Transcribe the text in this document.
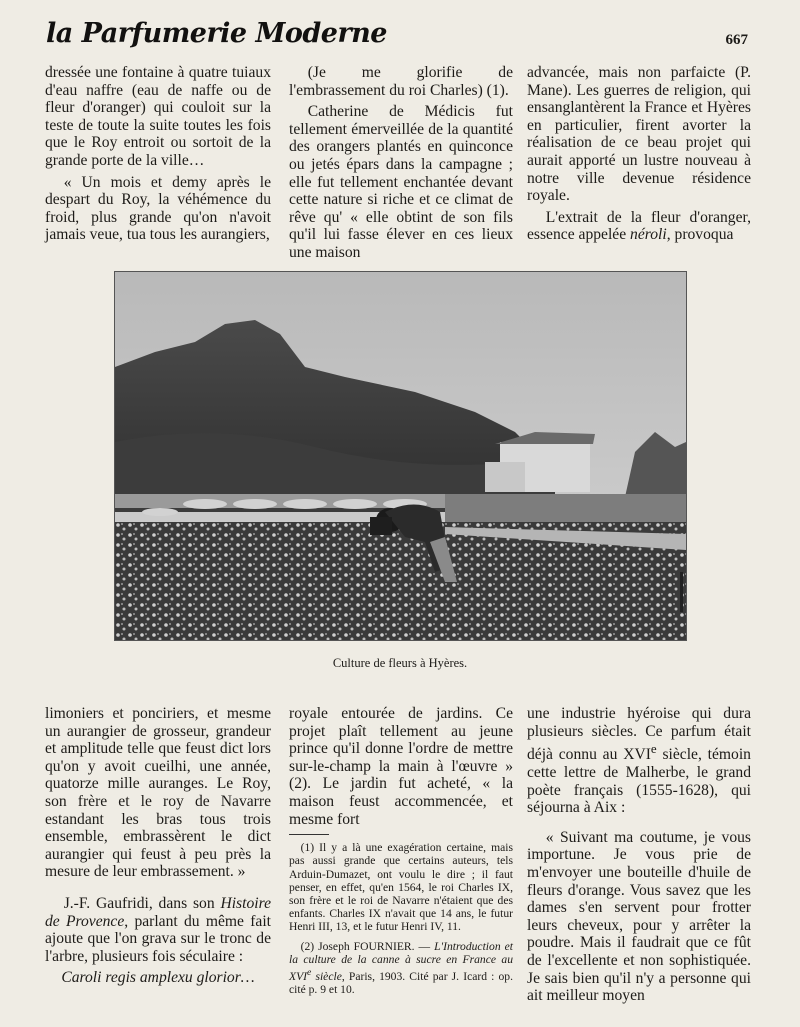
la Parfumerie Moderne	667

dressée une fontaine à quatre tuiaux d'eau naffre (eau de naffe ou de fleur d'oranger) qui couloit sur la teste de toute la suite toutes les fois que le Roy entroit ou sortoit de la grande porte de la ville…

« Un mois et demy après le despart du Roy, la véhémence du froid, plus grande qu'on n'avoit jamais veue, tua tous les aurangiers,

(Je me glorifie de l'embrassement du roi Charles) (1).

Catherine de Médicis fut tellement émerveillée de la quantité des orangers plantés en quinconce ou jetés épars dans la campagne ; elle fut tellement enchantée devant cette nature si riche et ce climat de rêve qu' « elle obtint de son fils qu'il lui fasse élever en ces lieux une maison

advancée, mais non parfaicte (P. Mane). Les guerres de religion, qui ensanglantèrent la France et Hyères en particulier, firent avorter la réalisation de ce beau projet qui aurait apporté un lustre nouveau à notre ville devenue résidence royale.

L'extrait de la fleur d'oranger, essence appelée néroli, provoqua

Culture de fleurs à Hyères.

limoniers et ponciriers, et mesme un aurangier de grosseur, grandeur et amplitude telle que feust dict lors qu'on y avoit cueilhi, une année, quatorze mille auranges. Le Roy, son frère et le roy de Navarre estandant les bras tous trois ensemble, embrassèrent le dict aurangier qui feust à peu près la mesure de leur embrassement. »

J.-F. Gaufridi, dans son Histoire de Provence, parlant du même fait ajoute que l'on grava sur le tronc de l'arbre, plusieurs fois séculaire :

Caroli regis amplexu glorior…

royale entourée de jardins. Ce projet plaît tellement au jeune prince qu'il donne l'ordre de mettre sur-le-champ la main à l'œuvre » (2). Le jardin fut acheté, « la maison feust accommencée, et mesme fort

(1) Il y a là une exagération certaine, mais pas aussi grande que certains auteurs, tels Arduin-Dumazet, ont voulu le dire ; il faut penser, en effet, qu'en 1564, le roi Charles IX, son frère et le roi de Navarre n'étaient que des enfants. Charles IX n'avait que 14 ans, le futur Henri III, 13, et le futur Henri IV, 11.

(2) Joseph FOURNIER. — L'Introduction et la culture de la canne à sucre en France au XVIe siècle, Paris, 1903. Cité par J. Icard : op. cité p. 9 et 10.

une industrie hyéroise qui dura plusieurs siècles. Ce parfum était déjà connu au XVIe siècle, témoin cette lettre de Malherbe, le grand poète français (1555-1628), qui séjourna à Aix :

« Suivant ma coutume, je vous importune. Je vous prie de m'envoyer une bouteille d'huile de fleurs d'orange. Vous savez que les dames s'en servent pour frotter leurs cheveux, pour y arrêter la poudre. Mais il faudrait que ce fût de l'excellente et non sophistiquée. Je sais bien qu'il n'y a personne qui ait meilleur moyen
